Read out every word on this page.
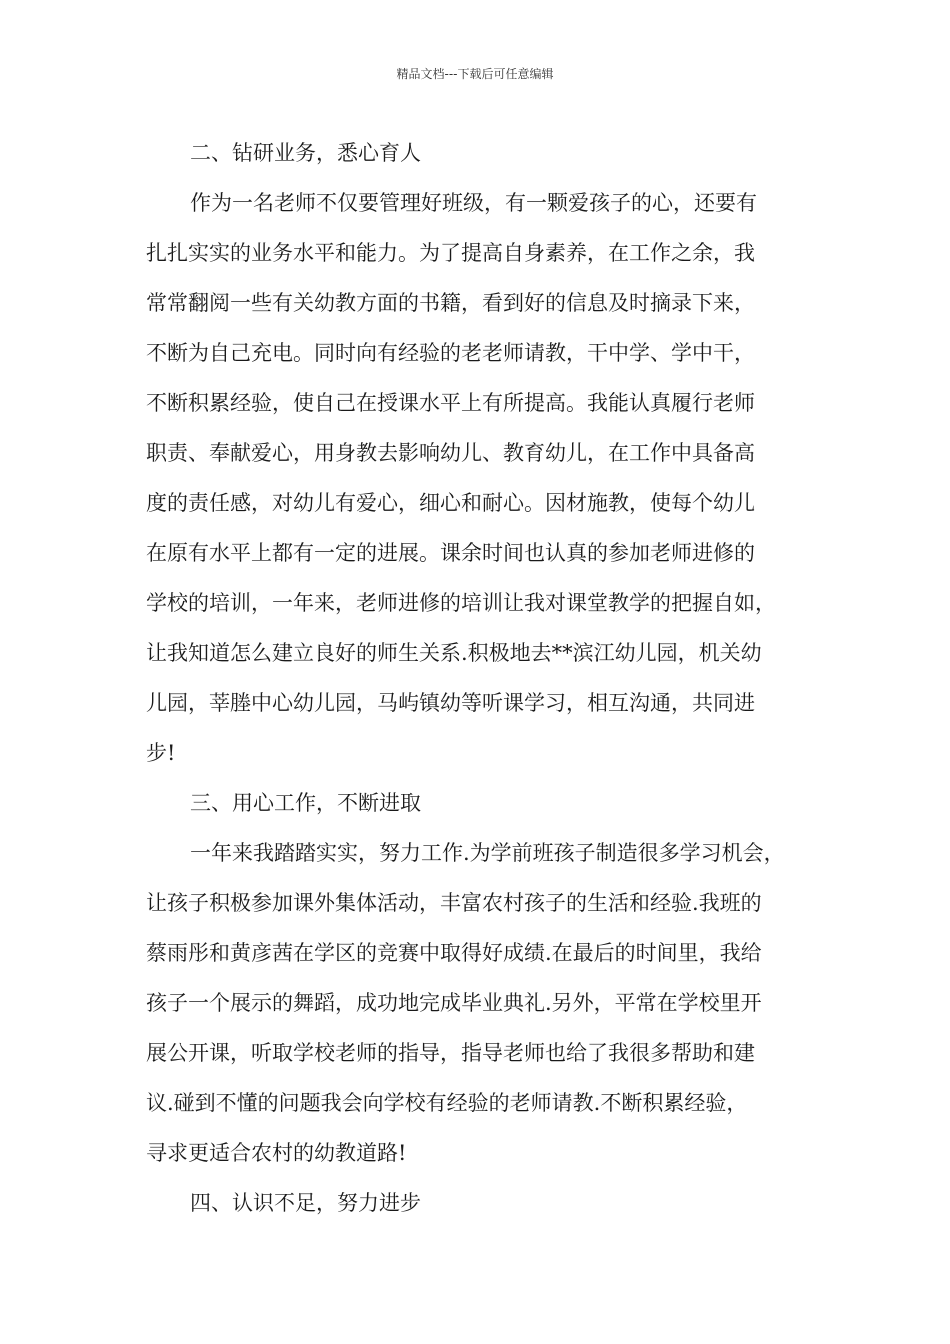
精品文档---下载后可任意编辑
二、钻研业务，悉心育人
作为一名老师不仅要管理好班级，有一颗爱孩子的心，还要有
扎扎实实的业务水平和能力。为了提高自身素养，在工作之余，我
常常翻阅一些有关幼教方面的书籍，看到好的信息及时摘录下来，
不断为自己充电。同时向有经验的老老师请教，干中学、学中干，
不断积累经验，使自己在授课水平上有所提高。我能认真履行老师
职责、奉献爱心，用身教去影响幼儿、教育幼儿，在工作中具备高
度的责任感，对幼儿有爱心，细心和耐心。因材施教，使每个幼儿
在原有水平上都有一定的进展。课余时间也认真的参加老师进修的
学校的培训，一年来，老师进修的培训让我对课堂教学的把握自如，
让我知道怎么建立良好的师生关系.积极地去**滨江幼儿园，机关幼
儿园，莘塍中心幼儿园，马屿镇幼等听课学习，相互沟通，共同进
步!
三、用心工作，不断进取
一年来我踏踏实实，努力工作.为学前班孩子制造很多学习机会，
让孩子积极参加课外集体活动，丰富农村孩子的生活和经验.我班的
蔡雨彤和黄彦茜在学区的竞赛中取得好成绩.在最后的时间里，我给
孩子一个展示的舞蹈，成功地完成毕业典礼.另外，平常在学校里开
展公开课，听取学校老师的指导，指导老师也给了我很多帮助和建
议.碰到不懂的问题我会向学校有经验的老师请教.不断积累经验，
寻求更适合农村的幼教道路!
四、认识不足，努力进步
